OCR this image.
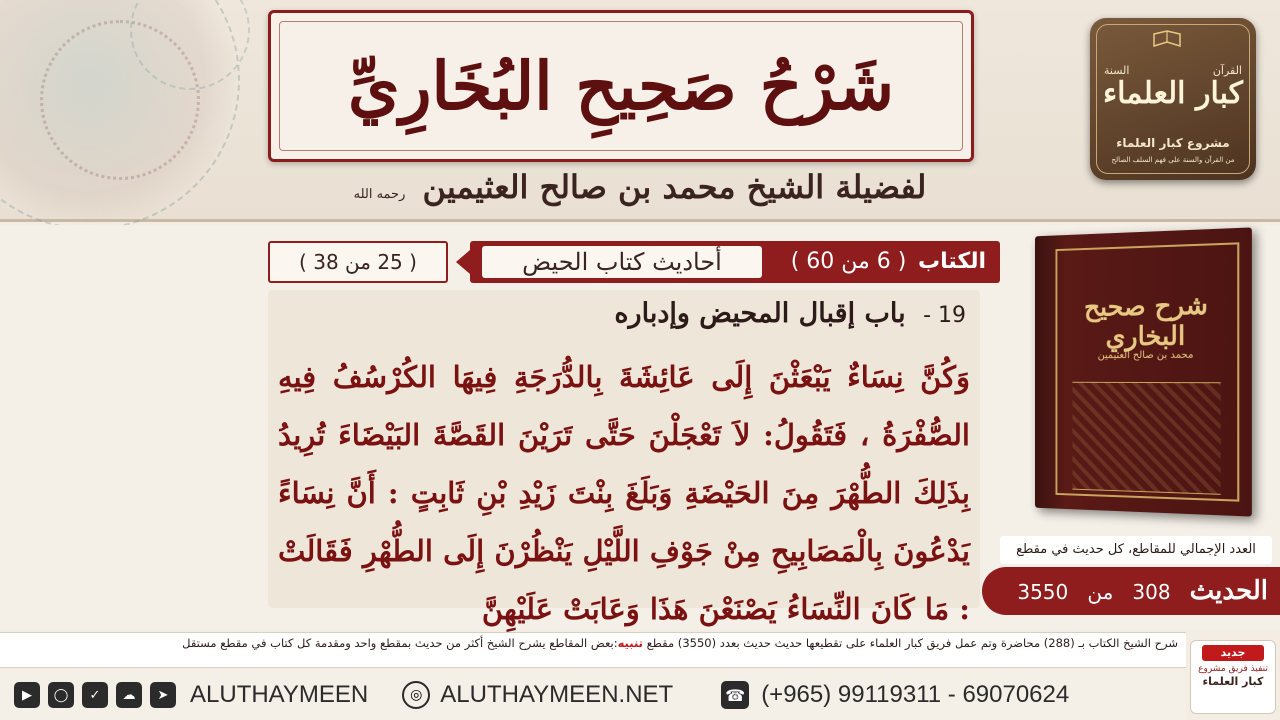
شَرْحُ صَحِيحِ البُخَارِيِّ
لفضيلة الشيخ محمد بن صالح العثيمين رحمه الله
القرآن
السنة
كبار العلماء
مشروع كبار العلماء
من القرآن والسنة على فهم السلف الصالح
( 25 من 38 )	أحاديث كتاب الحيض	الكتاب ( 6 من 60 )
19 - باب إقبال المحيض وإدباره
وَكُنَّ نِسَاءٌ يَبْعَثْنَ إِلَى عَائِشَةَ بِالدُّرَجَةِ فِيهَا الكُرْسُفُ فِيهِ الصُّفْرَةُ ، فَتَقُولُ: لاَ تَعْجَلْنَ حَتَّى تَرَيْنَ القَصَّةَ البَيْضَاءَ تُرِيدُ بِذَلِكَ الطُّهْرَ مِنَ الحَيْضَةِ وَبَلَغَ بِنْتَ زَيْدِ بْنِ ثَابِتٍ : أَنَّ نِسَاءً يَدْعُونَ بِالْمَصَابِيحِ مِنْ جَوْفِ اللَّيْلِ يَنْظُرْنَ إِلَى الطُّهْرِ فَقَالَتْ : مَا كَانَ النِّسَاءُ يَصْنَعْنَ هَذَا وَعَابَتْ عَلَيْهِنَّ
شرح صحيح البخاري
محمد بن صالح العثيمين
العدد الإجمالي للمقاطع، كل حديث في مقطع
الحديث 308 من 3550
شرح الشيخ الكتاب بـ (288) محاضرة وتم عمل فريق كبار العلماء على تقطيعها حديث حديث بعدد (3550) مقطع تنبيه:بعض المقاطع يشرح الشيخ أكثر من حديث بمقطع واحد ومقدمة كل كتاب في مقطع مستقل
جديد
تنفيذ فريق مشروع
كبار العلماء
▶	◯	✓	☁	➤ ALUTHAYMEEN	◎ ALUTHAYMEEN.NET	☎ (+965) 99119311 - 69070624
